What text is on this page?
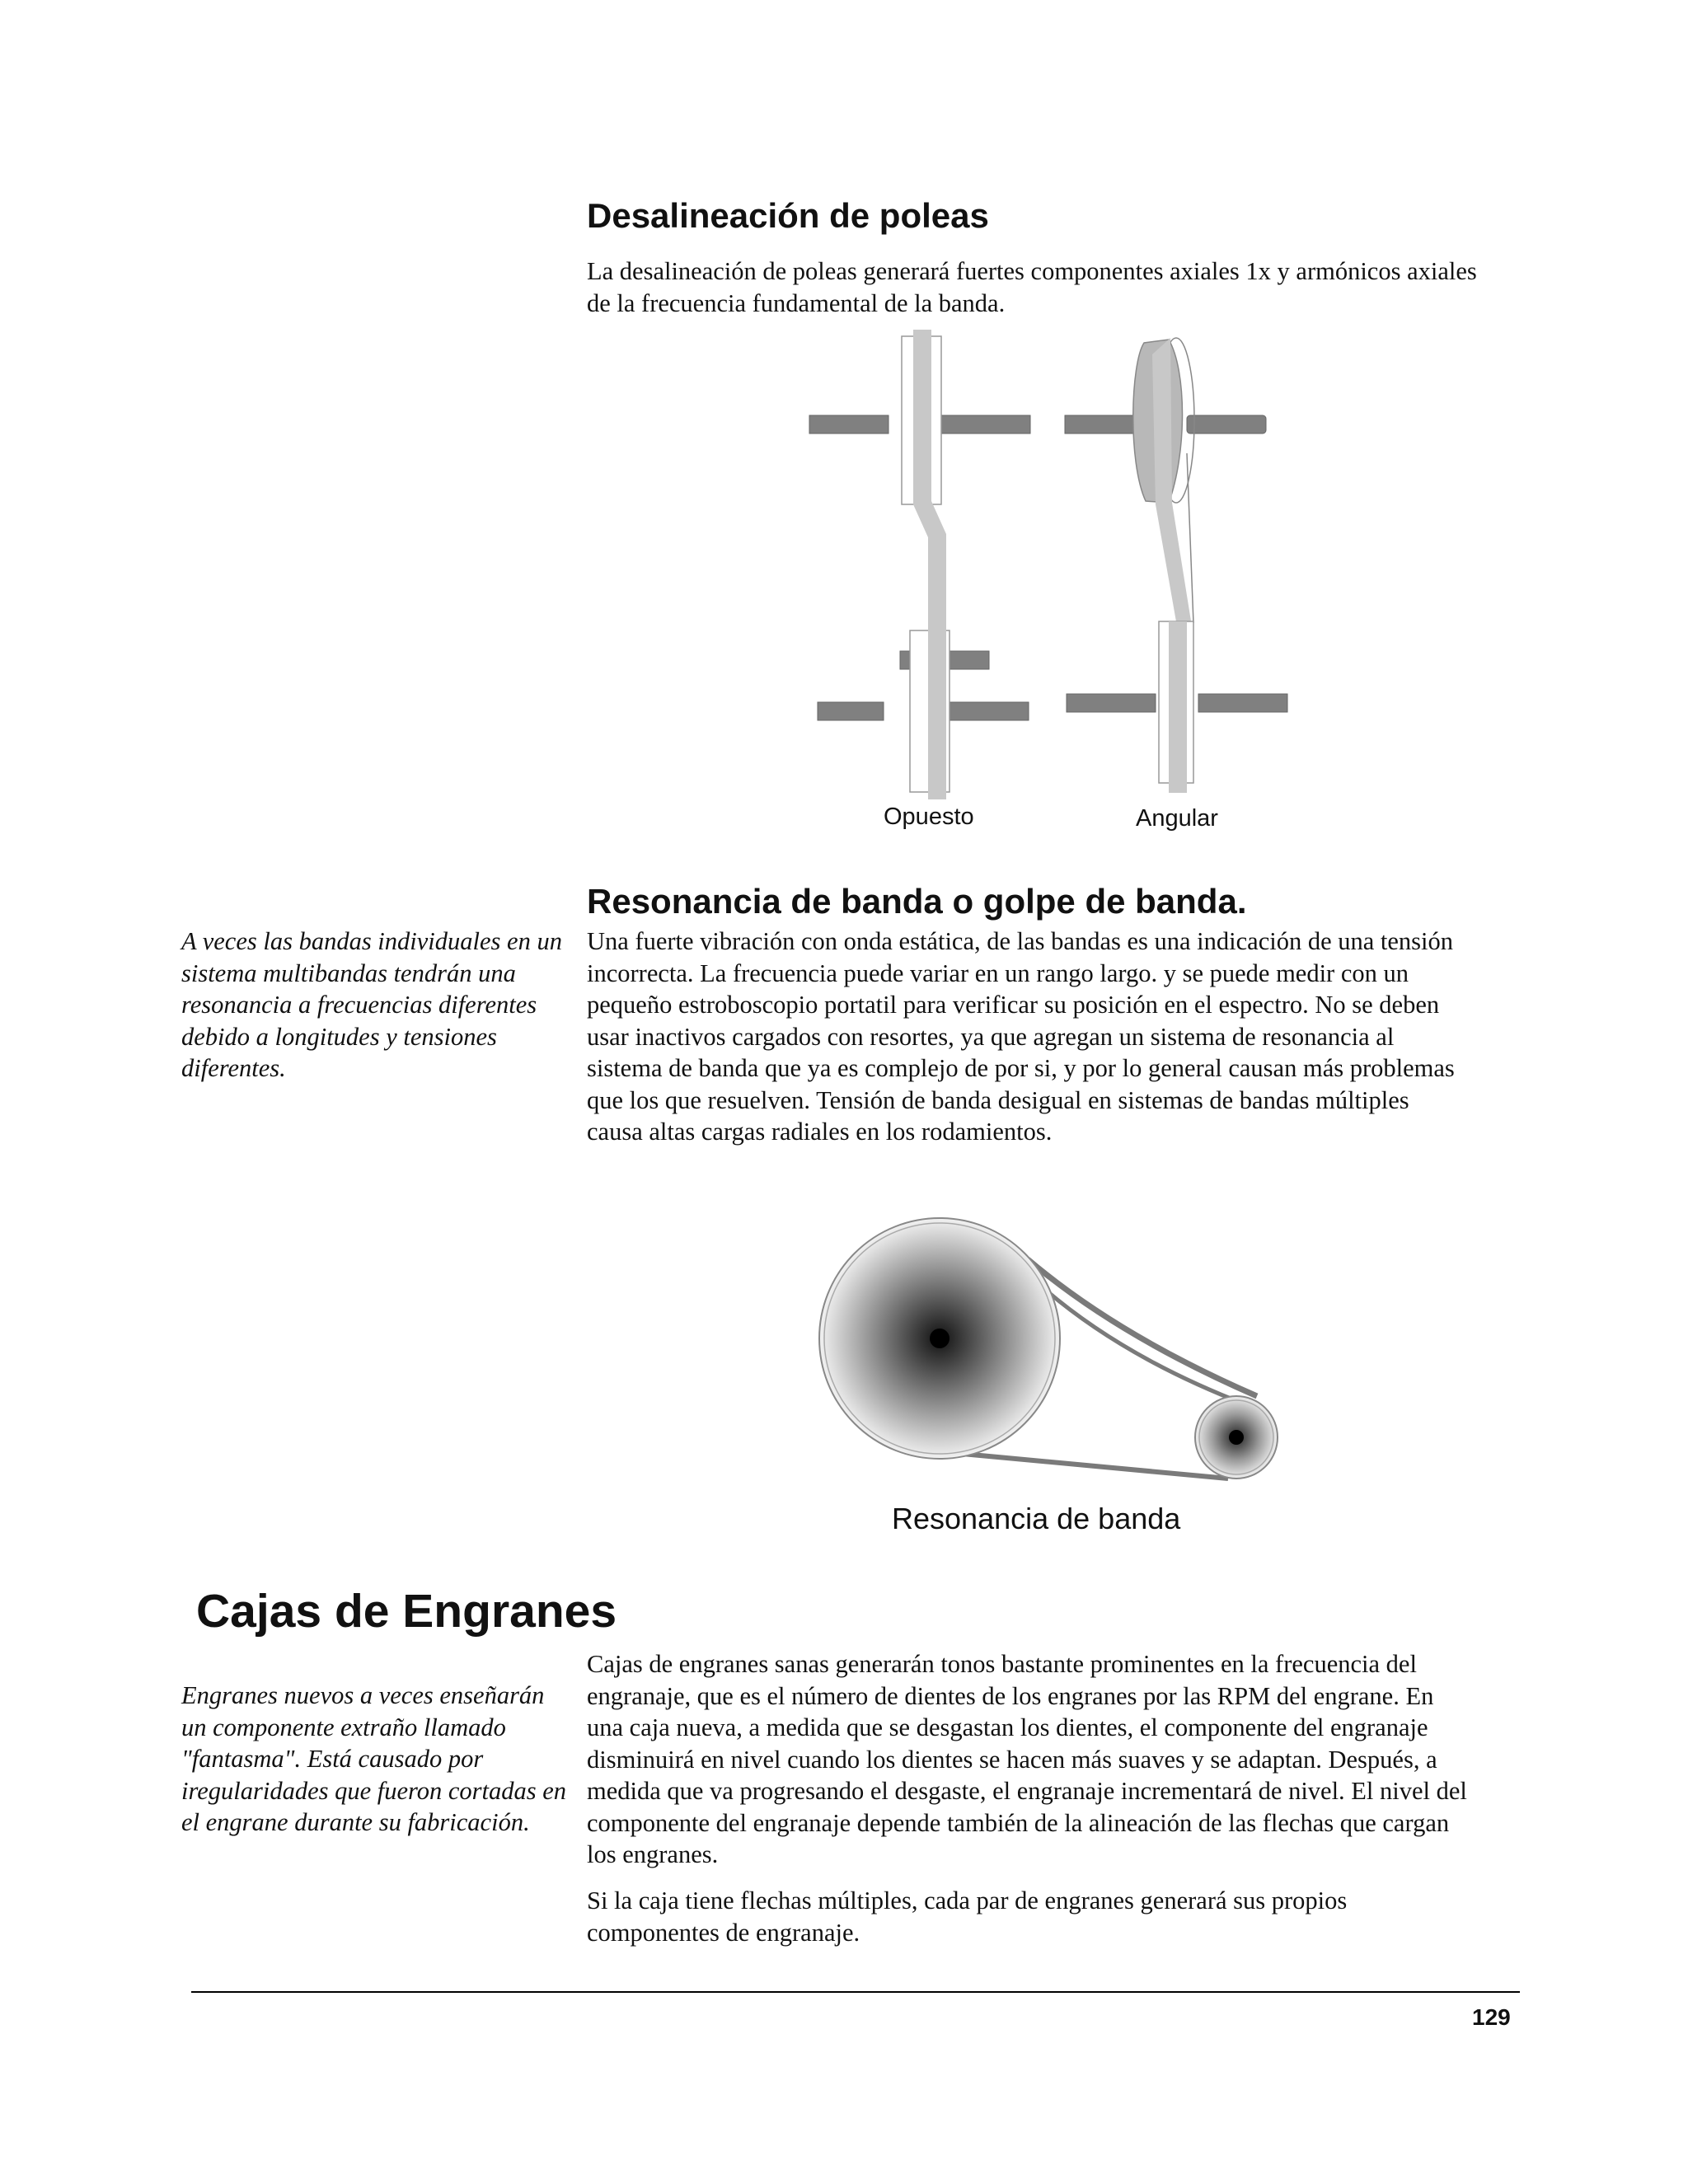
Desalineación de poleas

La desalineación de poleas generará fuertes componentes axiales 1x y armónicos axiales de la frecuencia fundamental de la banda.

Opuesto	Angular

Resonancia de banda o golpe de banda.

A veces las bandas individuales en un sistema multibandas tendrán una resonancia a frecuencias diferentes debido a longitudes y tensiones diferentes.

Una fuerte vibración con onda estática, de las bandas es una indicación de una tensión incorrecta. La frecuencia puede variar en un rango largo. y se puede medir con un pequeño estroboscopio portatil para verificar su posición en el espectro. No se deben usar inactivos cargados con resortes, ya que agregan un sistema de resonancia al sistema de banda que ya es complejo de por si, y por lo general causan más problemas que los que resuelven. Tensión de banda desigual en sistemas de bandas múltiples causa altas cargas radiales en los rodamientos.

Resonancia de banda

Cajas de Engranes

Engranes nuevos a veces enseñarán un componente extraño llamado "fantasma". Está causado por iregularidades que fueron cortadas en el engrane durante su fabricación.

Cajas de engranes sanas generarán tonos bastante prominentes en la frecuencia del engranaje, que es el número de dientes de los engranes por las RPM del engrane. En una caja nueva, a medida que se desgastan los dientes, el componente del engranaje disminuirá en nivel cuando los dientes se hacen más suaves y se adaptan. Después, a medida que va progresando el desgaste, el engranaje incrementará de nivel. El nivel del componente del engranaje depende también de la alineación de las flechas que cargan los engranes.

Si la caja tiene flechas múltiples, cada par de engranes generará sus propios componentes de engranaje.

129
